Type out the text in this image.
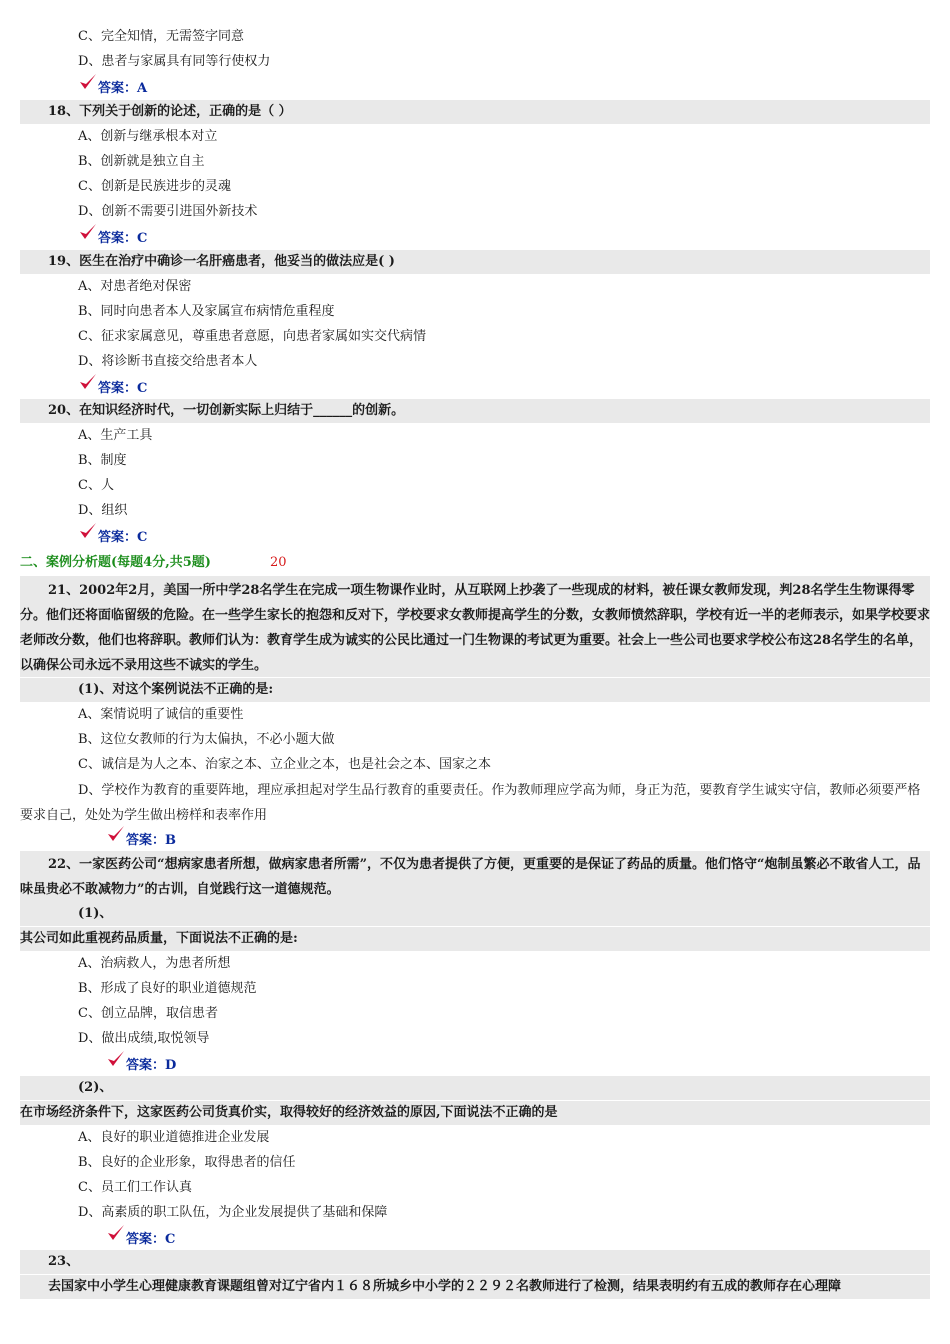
C、完全知情，无需签字同意
D、患者与家属具有同等行使权力
答案：A
18、下列关于创新的论述，正确的是（ ）
A、创新与继承根本对立
B、创新就是独立自主
C、创新是民族进步的灵魂
D、创新不需要引进国外新技术
答案：C
19、医生在治疗中确诊一名肝癌患者，他妥当的做法应是( )
A、对患者绝对保密
B、同时向患者本人及家属宣布病情危重程度
C、征求家属意见，尊重患者意愿，向患者家属如实交代病情
D、将诊断书直接交给患者本人
答案：C
20、在知识经济时代，一切创新实际上归结于______的创新。
A、生产工具
B、制度
C、人
D、组织
答案：C
二、案例分析题(每题4分,共5题)	20
21、2002年2月，美国一所中学28名学生在完成一项生物课作业时，从互联网上抄袭了一些现成的材料，被任课女教师发现，判28名学生生物课得零分。他们还将面临留级的危险。在一些学生家长的抱怨和反对下，学校要求女教师提高学生的分数，女教师愤然辞职，学校有近一半的老师表示，如果学校要求老师改分数，他们也将辞职。教师们认为：教育学生成为诚实的公民比通过一门生物课的考试更为重要。社会上一些公司也要求学校公布这28名学生的名单，以确保公司永远不录用这些不诚实的学生。
(1)、对这个案例说法不正确的是:
A、案情说明了诚信的重要性
B、这位女教师的行为太偏执，不必小题大做
C、诚信是为人之本、治家之本、立企业之本，也是社会之本、国家之本
D、学校作为教育的重要阵地，理应承担起对学生品行教育的重要责任。作为教师理应学高为师，身正为范，要教育学生诚实守信，教师必须要严格要求自己，处处为学生做出榜样和表率作用
答案：B
22、一家医药公司“想病家患者所想，做病家患者所需”，不仅为患者提供了方便，更重要的是保证了药品的质量。他们恪守“炮制虽繁必不敢省人工，品味虽贵必不敢减物力”的古训，自觉践行这一道德规范。
(1)、
其公司如此重视药品质量，下面说法不正确的是:
A、治病救人，为患者所想
B、形成了良好的职业道德规范
C、创立品牌，取信患者
D、做出成绩,取悦领导
答案：D
(2)、
在市场经济条件下，这家医药公司货真价实，取得较好的经济效益的原因,下面说法不正确的是
A、良好的职业道德推进企业发展
B、良好的企业形象，取得患者的信任
C、员工们工作认真
D、高素质的职工队伍，为企业发展提供了基础和保障
答案：C
23、
去国家中小学生心理健康教育课题组曾对辽宁省内１６８所城乡中小学的２２９２名教师进行了检测，结果表明约有五成的教师存在心理障
